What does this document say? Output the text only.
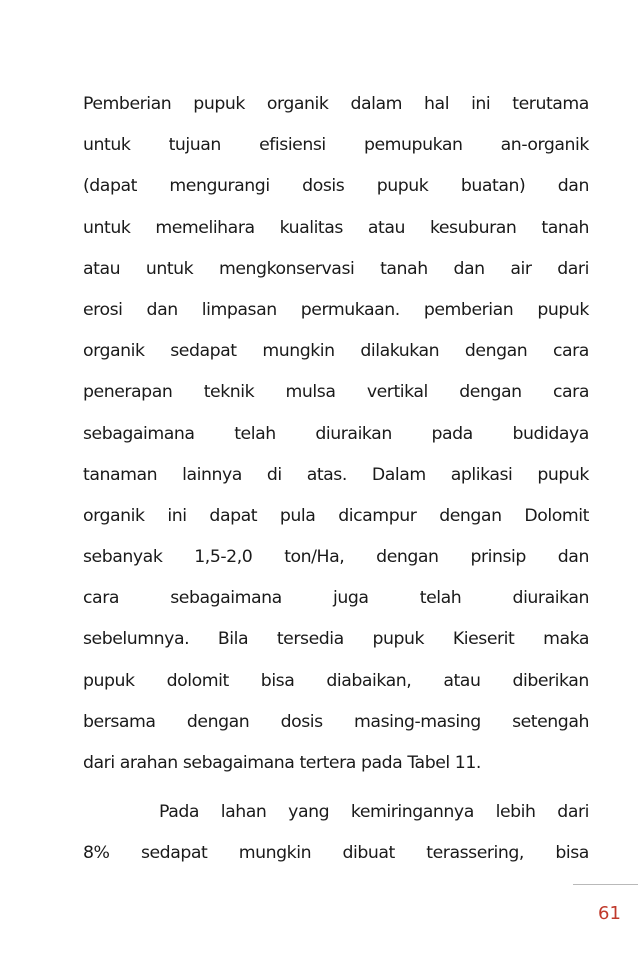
Pemberian pupuk organik dalam hal ini terutama
untuk tujuan efisiensi pemupukan an-organik
(dapat mengurangi dosis pupuk buatan) dan
untuk memelihara kualitas atau kesuburan tanah
atau untuk mengkonservasi tanah dan air dari
erosi dan limpasan permukaan. pemberian pupuk
organik sedapat mungkin dilakukan dengan cara
penerapan teknik mulsa vertikal dengan cara
sebagaimana telah diuraikan pada budidaya
tanaman lainnya di atas. Dalam aplikasi pupuk
organik ini dapat pula dicampur dengan Dolomit
sebanyak 1,5-2,0 ton/Ha, dengan prinsip dan
cara	sebagaimana	juga	telah	diuraikan
sebelumnya. Bila tersedia pupuk Kieserit maka
pupuk dolomit bisa diabaikan, atau diberikan
bersama dengan dosis masing-masing setengah
dari arahan sebagaimana tertera pada Tabel 11.
Pada lahan yang kemiringannya lebih dari
8% sedapat mungkin dibuat terassering, bisa
61
